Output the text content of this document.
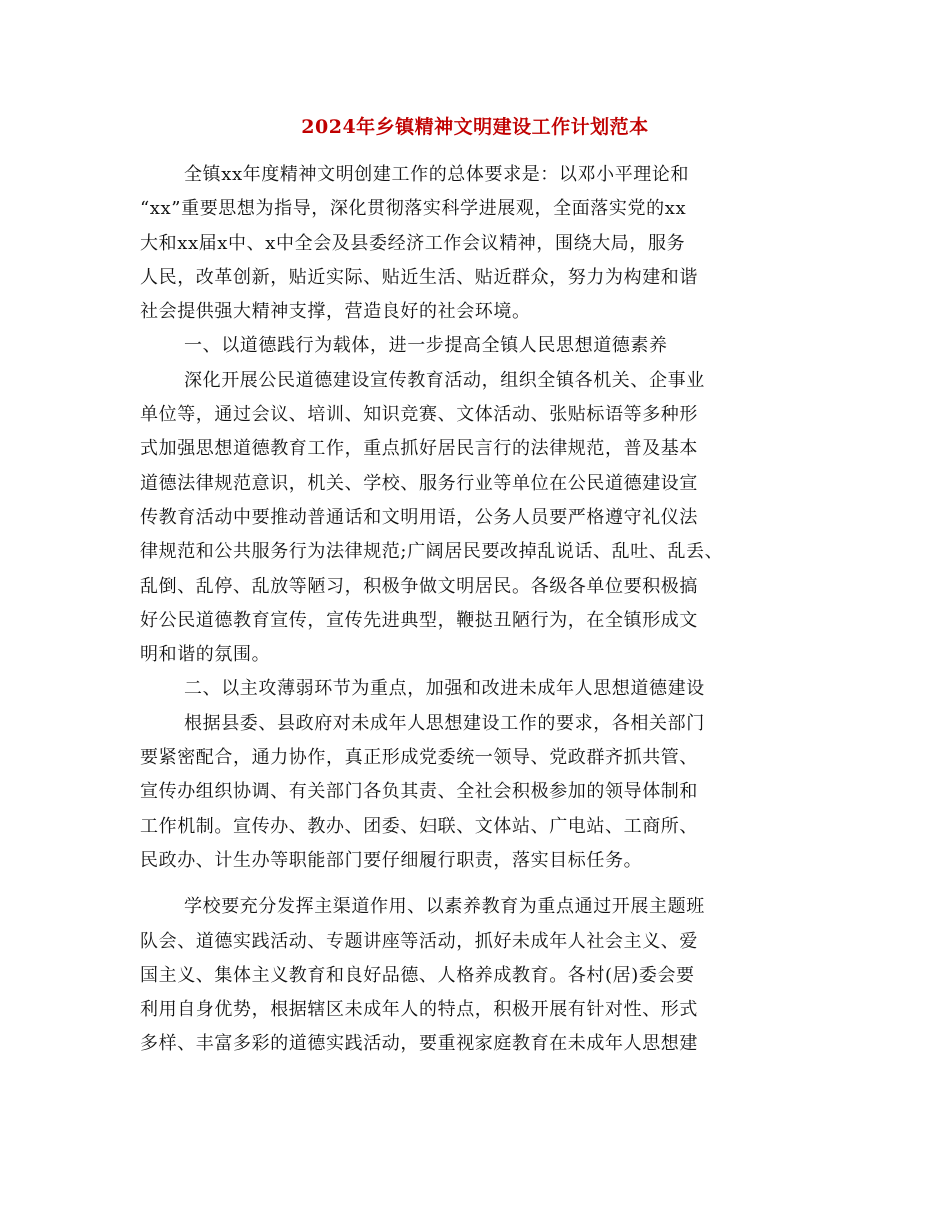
2024年乡镇精神文明建设工作计划范本
全镇xx年度精神文明创建工作的总体要求是：以邓小平理论和
“xx”重要思想为指导，深化贯彻落实科学进展观，全面落实党的xx
大和xx届x中、x中全会及县委经济工作会议精神，围绕大局，服务
人民，改革创新，贴近实际、贴近生活、贴近群众，努力为构建和谐
社会提供强大精神支撑，营造良好的社会环境。
一、以道德践行为载体，进一步提高全镇人民思想道德素养
深化开展公民道德建设宣传教育活动，组织全镇各机关、企事业
单位等，通过会议、培训、知识竞赛、文体活动、张贴标语等多种形
式加强思想道德教育工作，重点抓好居民言行的法律规范，普及基本
道德法律规范意识，机关、学校、服务行业等单位在公民道德建设宣
传教育活动中要推动普通话和文明用语，公务人员要严格遵守礼仪法
律规范和公共服务行为法律规范;广阔居民要改掉乱说话、乱吐、乱丢、
乱倒、乱停、乱放等陋习，积极争做文明居民。各级各单位要积极搞
好公民道德教育宣传，宣传先进典型，鞭挞丑陋行为，在全镇形成文
明和谐的氛围。
二、以主攻薄弱环节为重点，加强和改进未成年人思想道德建设
根据县委、县政府对未成年人思想建设工作的要求，各相关部门
要紧密配合，通力协作，真正形成党委统一领导、党政群齐抓共管、
宣传办组织协调、有关部门各负其责、全社会积极参加的领导体制和
工作机制。宣传办、教办、团委、妇联、文体站、广电站、工商所、
民政办、计生办等职能部门要仔细履行职责，落实目标任务。
学校要充分发挥主渠道作用、以素养教育为重点通过开展主题班
队会、道德实践活动、专题讲座等活动，抓好未成年人社会主义、爱
国主义、集体主义教育和良好品德、人格养成教育。各村(居)委会要
利用自身优势，根据辖区未成年人的特点，积极开展有针对性、形式
多样、丰富多彩的道德实践活动，要重视家庭教育在未成年人思想建
